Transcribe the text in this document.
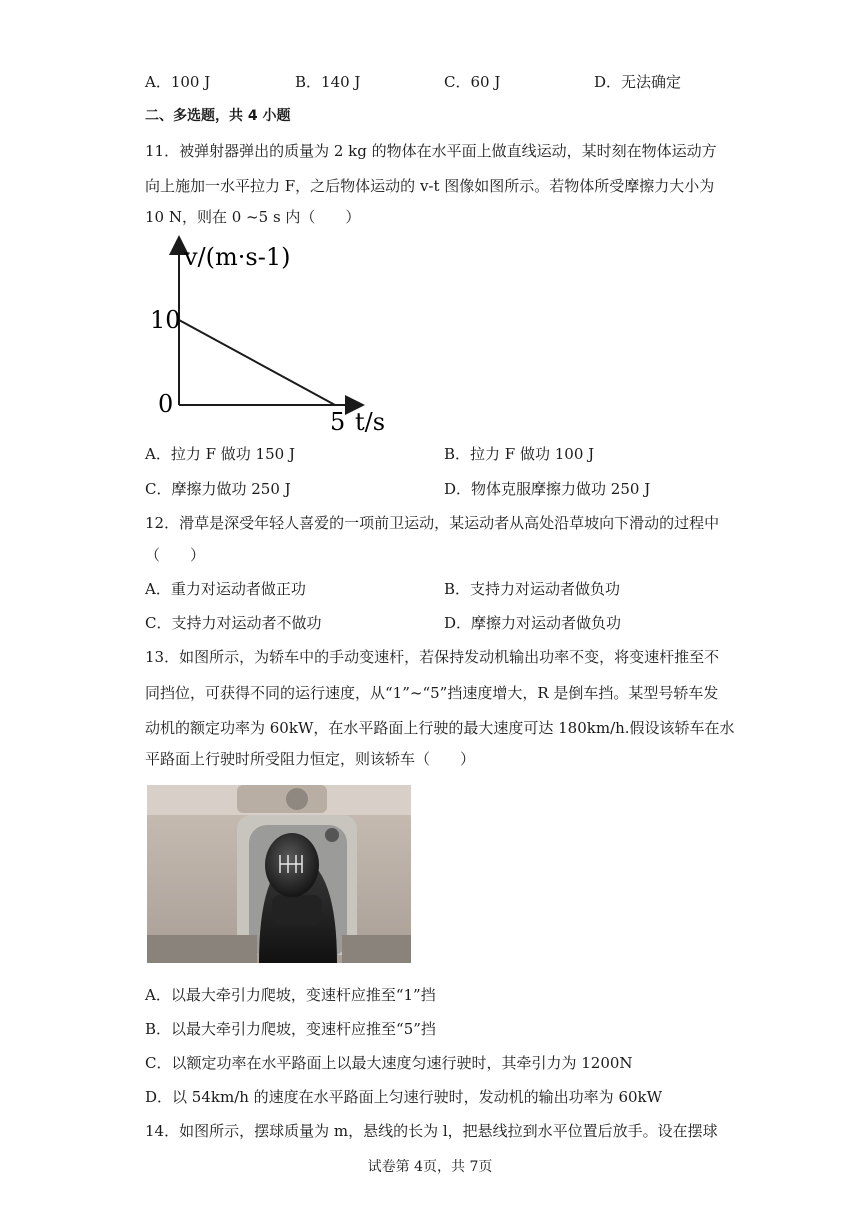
A．100 J	B．140 J	C．60 J	D．无法确定
二、多选题，共 4 小题
11．被弹射器弹出的质量为 2 kg 的物体在水平面上做直线运动，某时刻在物体运动方
向上施加一水平拉力 F，之后物体运动的 v-t 图像如图所示。若物体所受摩擦力大小为
10 N，则在 0 ~5 s 内（　　）
v/(m·s-1)
10
0
5 t/s
A．拉力 F 做功 150 J	B．拉力 F 做功 100 J
C．摩擦力做功 250 J	D．物体克服摩擦力做功 250 J
12．滑草是深受年轻人喜爱的一项前卫运动，某运动者从高处沿草坡向下滑动的过程中
（　　）
A．重力对运动者做正功	B．支持力对运动者做负功
C．支持力对运动者不做功	D．摩擦力对运动者做负功
13．如图所示，为轿车中的手动变速杆，若保持发动机输出功率不变，将变速杆推至不
同挡位，可获得不同的运行速度，从“1”~“5”挡速度增大，R 是倒车挡。某型号轿车发
动机的额定功率为 60kW，在水平路面上行驶的最大速度可达 180km/h.假设该轿车在水
平路面上行驶时所受阻力恒定，则该轿车（　　）
A．以最大牵引力爬坡，变速杆应推至“1”挡
B．以最大牵引力爬坡，变速杆应推至“5”挡
C．以额定功率在水平路面上以最大速度匀速行驶时，其牵引力为 1200N
D．以 54km/h 的速度在水平路面上匀速行驶时，发动机的输出功率为 60kW
14．如图所示，摆球质量为 m，悬线的长为 l，把悬线拉到水平位置后放手。设在摆球
试卷第 4页，共 7页
